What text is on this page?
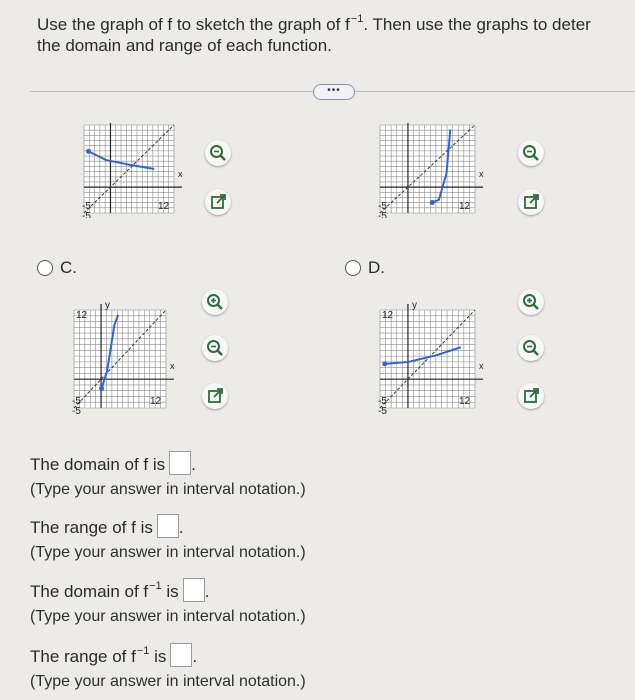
Use the graph of f to sketch the graph of $f^{-1}$. Then use the graphs to deter
the domain and range of each function.
•••
x
12
-5
-5
x
12
-5
-5
x
12
-5
-5
12
y
x
12
-5
-5
12
y
C.	D.
The domain of f is .
(Type your answer in interval notation.)
The range of f is .
(Type your answer in interval notation.)
The domain of $f^{-1}$ is .
(Type your answer in interval notation.)
The range of $f^{-1}$ is .
(Type your answer in interval notation.)
